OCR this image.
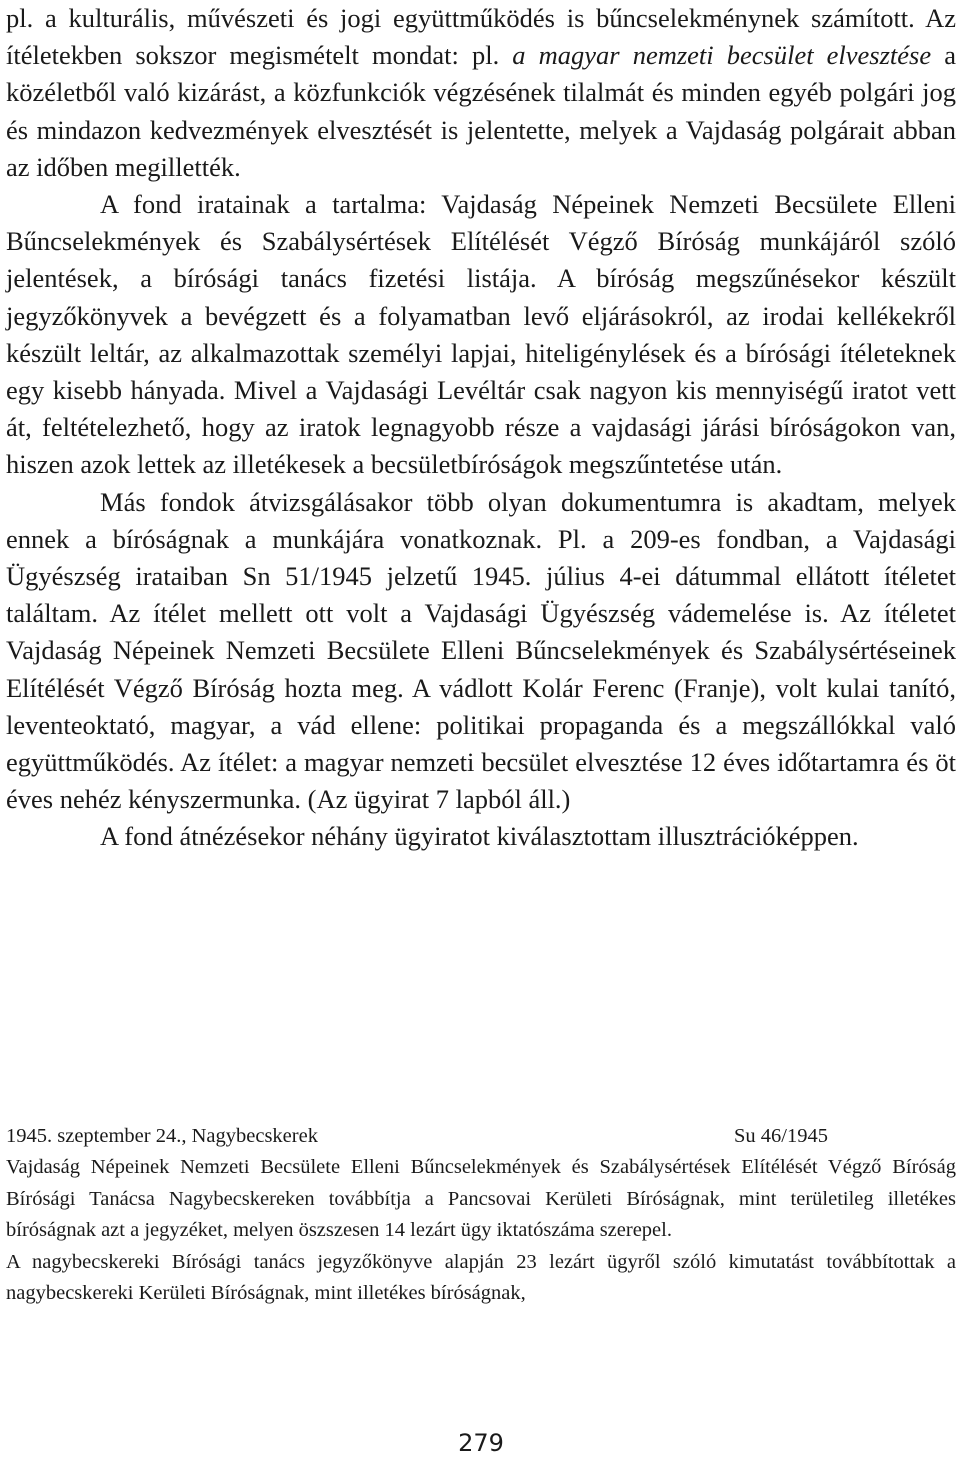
pl. a kulturális, művészeti és jogi együttműködés is bűncselekménynek számított. Az ítéletekben sokszor megismételt mondat: pl. a magyar nemzeti becsület elvesztése a közéletből való kizárást, a közfunkciók végzésének tilalmát és minden egyéb polgári jog és mindazon kedvezmények elvesztését is jelentette, melyek a Vajdaság polgárait abban az időben megillették.

A fond iratainak a tartalma: Vajdaság Népeinek Nemzeti Becsülete Elleni Bűncselekmények és Szabálysértések Elítélését Végző Bíróság munkájáról szóló jelentések, a bírósági tanács fizetési listája. A bíróság megszűnésekor készült jegyzőkönyvek a bevégzett és a folyamatban levő eljárásokról, az irodai kellékekről készült leltár, az alkalmazottak személyi lapjai, hiteligénylések és a bírósági ítéleteknek egy kisebb hányada. Mivel a Vajdasági Levéltár csak nagyon kis mennyiségű iratot vett át, feltételezhető, hogy az iratok legnagyobb része a vajdasági járási bíróságokon van, hiszen azok lettek az illetékesek a becsületbíróságok megszűntetése után.

Más fondok átvizsgálásakor több olyan dokumentumra is akadtam, melyek ennek a bíróságnak a munkájára vonatkoznak. Pl. a 209-es fondban, a Vajdasági Ügyészség irataiban Sn 51/1945 jelzetű 1945. július 4-ei dátummal ellátott ítéletet találtam. Az ítélet mellett ott volt a Vajdasági Ügyészség vádemelése is. Az ítéletet Vajdaság Népeinek Nemzeti Becsülete Elleni Bűncselekmények és Szabálysértéseinek Elítélését Végző Bíróság hozta meg. A vádlott Kolár Ferenc (Franje), volt kulai tanító, leventeoktató, magyar, a vád ellene: politikai propaganda és a megszállókkal való együttműködés. Az ítélet: a magyar nemzeti becsület elvesztése 12 éves időtartamra és öt éves nehéz kényszermunka. (Az ügyirat 7 lapból áll.)

A fond átnézésekor néhány ügyiratot kiválasztottam illusztrációképpen.

1945. szeptember 24., Nagybecskerek	Su 46/1945

Vajdaság Népeinek Nemzeti Becsülete Elleni Bűncselekmények és Szabálysértések Elítélését Végző Bíróság Bírósági Tanácsa Nagybecskereken továbbítja a Pancsovai Kerületi Bíróságnak, mint területileg illetékes bíróságnak azt a jegyzéket, melyen öszszesen 14 lezárt ügy iktatószáma szerepel.

A nagybecskereki Bírósági tanács jegyzőkönyve alapján 23 lezárt ügyről szóló kimutatást továbbítottak a nagybecskereki Kerületi Bíróságnak, mint illetékes bíróságnak,

279
